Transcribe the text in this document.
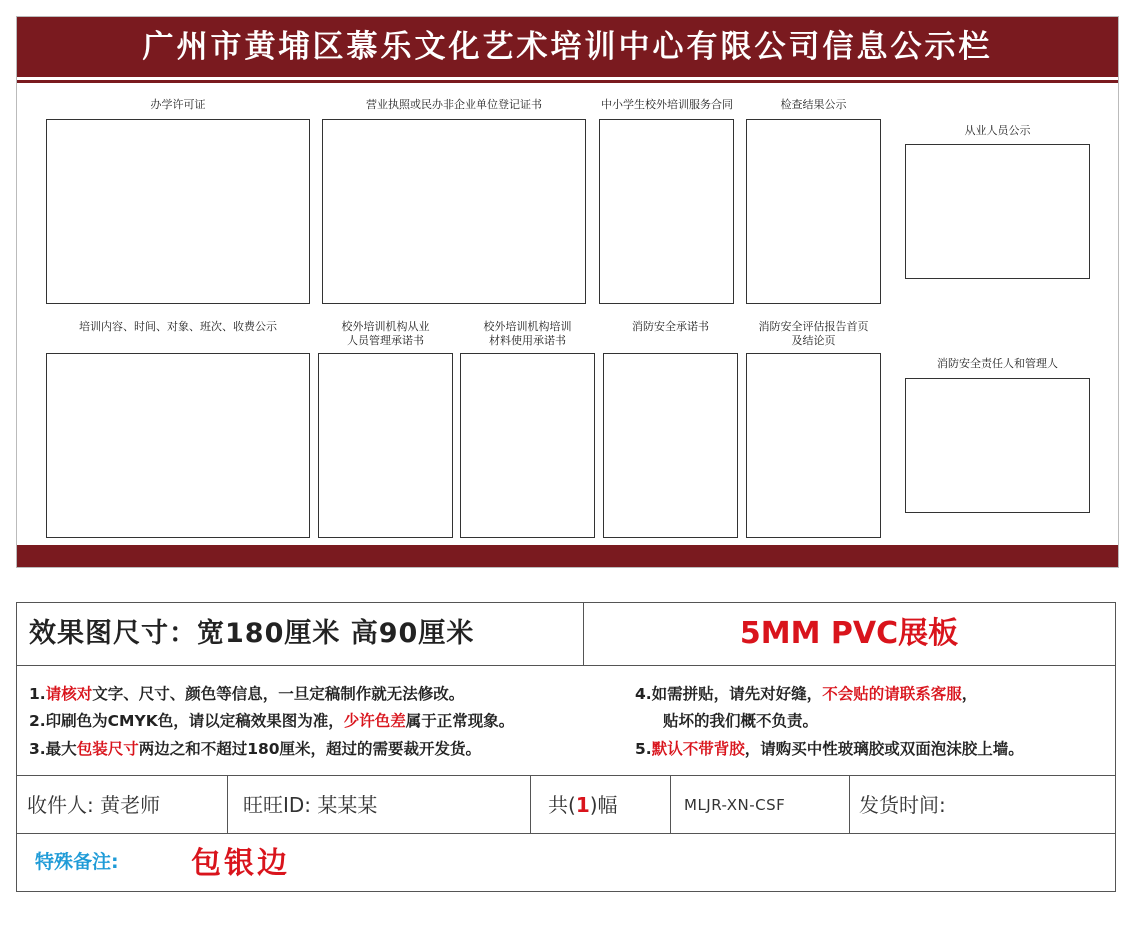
广州市黄埔区慕乐文化艺术培训中心有限公司信息公示栏
办学许可证	营业执照或民办非企业单位登记证书	中小学生校外培训服务合同	检查结果公示
从业人员公示
培训内容、时间、对象、班次、收费公示	校外培训机构从业
人员管理承诺书
校外培训机构培训
材料使用承诺书
消防安全承诺书	消防安全评估报告首页
及结论页
消防安全责任人和管理人
效果图尺寸：宽180厘米 高90厘米	5MM PVC展板
1.请核对文字、尺寸、颜色等信息，一旦定稿制作就无法修改。
2.印刷色为CMYK色，请以定稿效果图为准，少许色差属于正常现象。
3.最大包装尺寸两边之和不超过180厘米，超过的需要裁开发货。
4.如需拼贴，请先对好缝，不会贴的请联系客服，
贴坏的我们概不负责。
5.默认不带背胶，请购买中性玻璃胶或双面泡沫胶上墙。
收件人: 黄老师	旺旺ID: 某某某	共(1)幅	MLJR-XN-CSF	发货时间:
特殊备注: 包银边
